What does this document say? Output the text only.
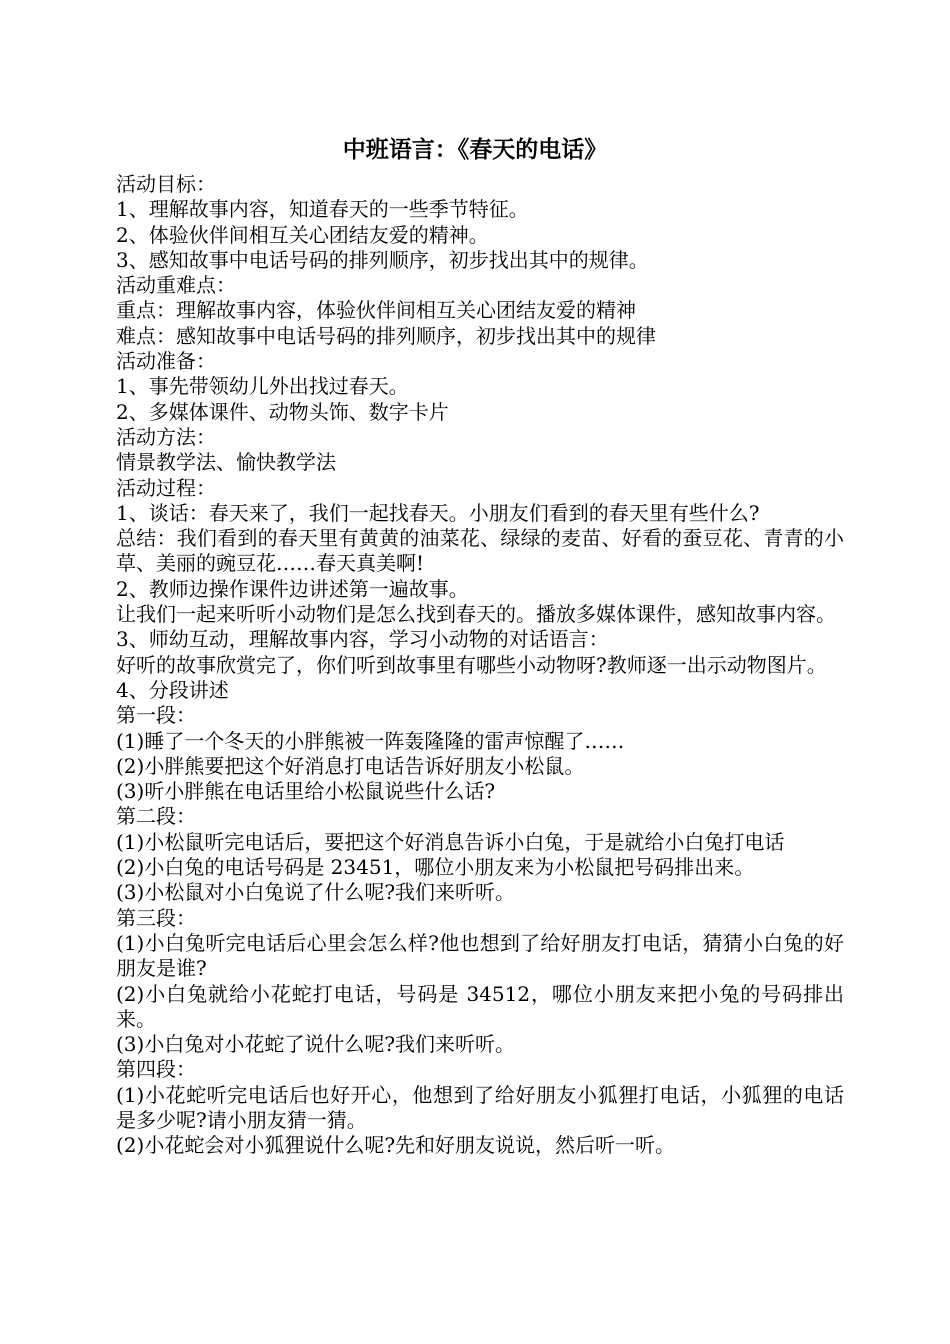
中班语言：《春天的电话》

活动目标：

1、理解故事内容，知道春天的一些季节特征。

2、体验伙伴间相互关心团结友爱的精神。

3、感知故事中电话号码的排列顺序，初步找出其中的规律。

活动重难点：

重点：理解故事内容，体验伙伴间相互关心团结友爱的精神

难点：感知故事中电话号码的排列顺序，初步找出其中的规律

活动准备：

1、事先带领幼儿外出找过春天。

2、多媒体课件、动物头饰、数字卡片

活动方法：

情景教学法、愉快教学法

活动过程：

1、谈话：春天来了，我们一起找春天。小朋友们看到的春天里有些什么?

总结：我们看到的春天里有黄黄的油菜花、绿绿的麦苗、好看的蚕豆花、青青的小草、美丽的豌豆花……春天真美啊!

2、教师边操作课件边讲述第一遍故事。

让我们一起来听听小动物们是怎么找到春天的。播放多媒体课件，感知故事内容。

3、师幼互动，理解故事内容，学习小动物的对话语言：

好听的故事欣赏完了，你们听到故事里有哪些小动物呀?教师逐一出示动物图片。

4、分段讲述

第一段：

(1)睡了一个冬天的小胖熊被一阵轰隆隆的雷声惊醒了……

(2)小胖熊要把这个好消息打电话告诉好朋友小松鼠。

(3)听小胖熊在电话里给小松鼠说些什么话?

第二段：

(1)小松鼠听完电话后，要把这个好消息告诉小白兔，于是就给小白兔打电话

(2)小白兔的电话号码是 23451，哪位小朋友来为小松鼠把号码排出来。

(3)小松鼠对小白兔说了什么呢?我们来听听。

第三段：

(1)小白兔听完电话后心里会怎么样?他也想到了给好朋友打电话，猜猜小白兔的好朋友是谁?

(2)小白兔就给小花蛇打电话，号码是 34512，哪位小朋友来把小兔的号码排出来。

(3)小白兔对小花蛇了说什么呢?我们来听听。

第四段：

(1)小花蛇听完电话后也好开心，他想到了给好朋友小狐狸打电话，小狐狸的电话是多少呢?请小朋友猜一猜。

(2)小花蛇会对小狐狸说什么呢?先和好朋友说说，然后听一听。
